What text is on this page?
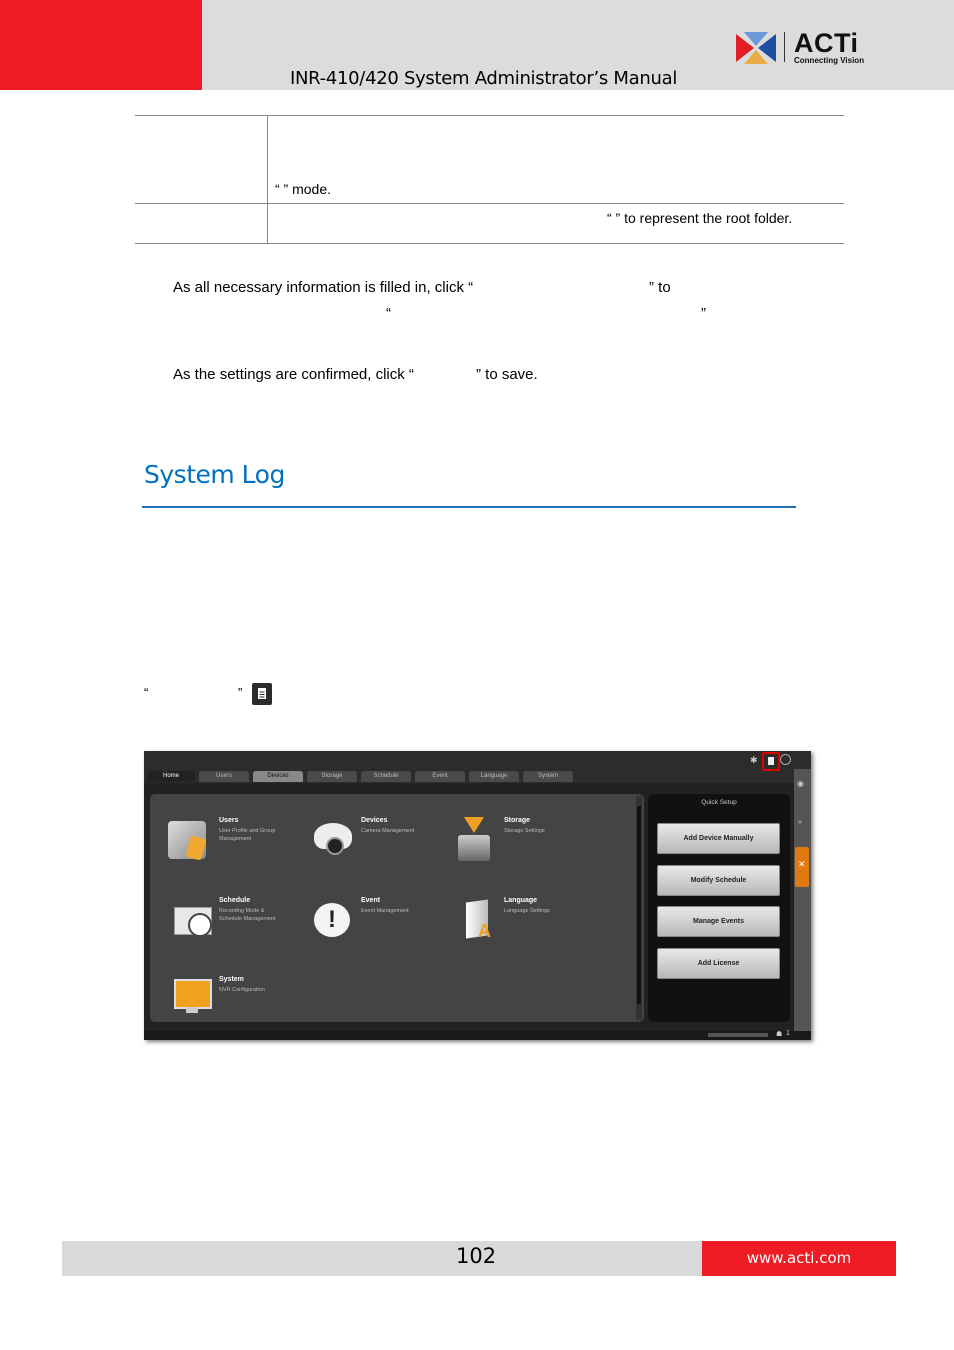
ACTi
Connecting Vision
INR-410/420 System Administrator’s Manual
“ ” mode.
“ ” to represent the root folder.
As all necessary information is filled in, click “	” to
“	”
As the settings are confirmed, click “	” to save.
System Log
“	”
✱
Home	Users	Devices	Storage	Schedule	Event	Language	System
Users
User Profile and Group
Management
Devices
Camera Management
Storage
Storage Settings
Schedule
Recording Mode &
Schedule Management	!
Event
Event Management
A
Language
Language Settings
System
NVR Configuration
Quick Setup
Add Device Manually
Modify Schedule
Manage Events
Add License
◉
»
✕
☗ 1
102	www.acti.com
